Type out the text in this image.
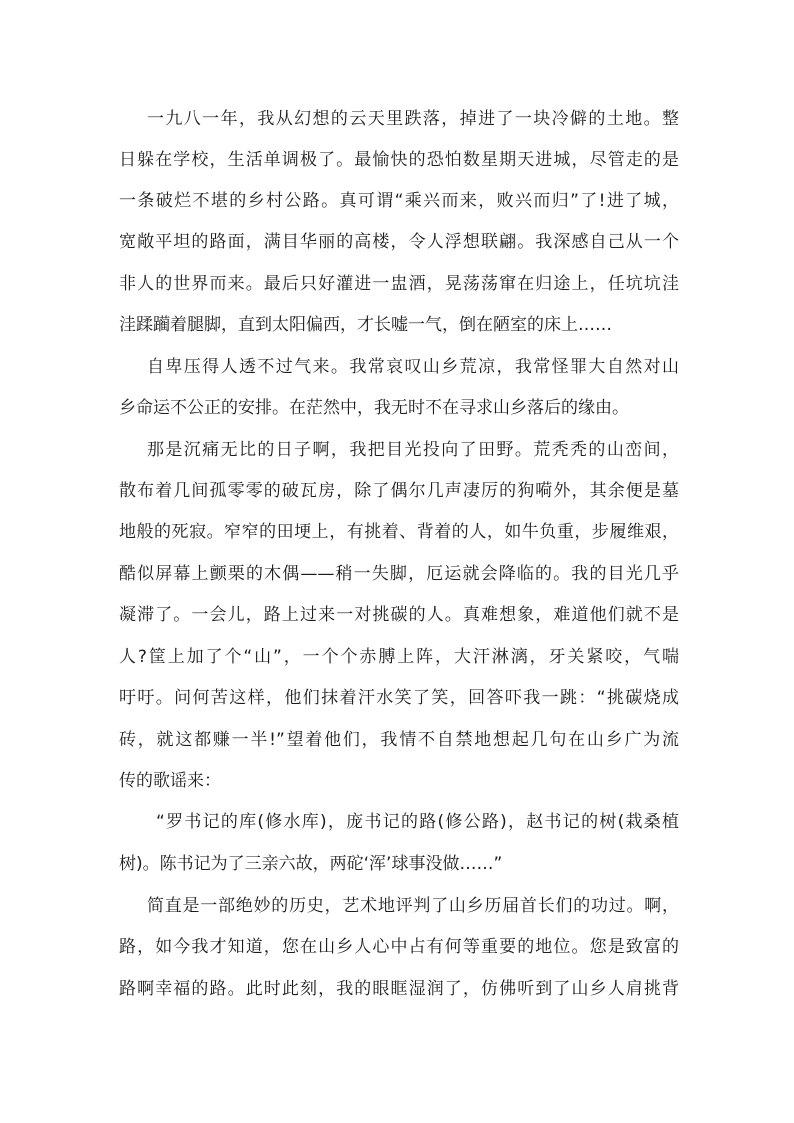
一九八一年，我从幻想的云天里跌落，掉进了一块冷僻的土地。整
日躲在学校，生活单调极了。最愉快的恐怕数星期天进城，尽管走的是
一条破烂不堪的乡村公路。真可谓“乘兴而来，败兴而归”了!进了城，
宽敞平坦的路面，满目华丽的高楼，令人浮想联翩。我深感自己从一个
非人的世界而来。最后只好灌进一盅酒，晃荡荡窜在归途上，任坑坑洼
洼蹂躏着腿脚，直到太阳偏西，才长嘘一气，倒在陋室的床上……
自卑压得人透不过气来。我常哀叹山乡荒凉，我常怪罪大自然对山
乡命运不公正的安排。在茫然中，我无时不在寻求山乡落后的缘由。
那是沉痛无比的日子啊，我把目光投向了田野。荒秃秃的山峦间，
散布着几间孤零零的破瓦房，除了偶尔几声凄厉的狗嗬外，其余便是墓
地般的死寂。窄窄的田埂上，有挑着、背着的人，如牛负重，步履维艰，
酷似屏幕上颤栗的木偶——稍一失脚，厄运就会降临的。我的目光几乎
凝滞了。一会儿，路上过来一对挑碳的人。真难想象，难道他们就不是
人?筐上加了个“山”，一个个赤膊上阵，大汗淋漓，牙关紧咬，气喘
吁吁。问何苦这样，他们抹着汗水笑了笑，回答吓我一跳：“挑碳烧成
砖，就这都赚一半!”望着他们，我情不自禁地想起几句在山乡广为流
传的歌谣来：
“罗书记的库(修水库)，庞书记的路(修公路)，赵书记的树(栽桑植
树)。陈书记为了三亲六故，两砣‘浑’球事没做……”
简直是一部绝妙的历史，艺术地评判了山乡历届首长们的功过。啊，
路，如今我才知道，您在山乡人心中占有何等重要的地位。您是致富的
路啊幸福的路。此时此刻，我的眼眶湿润了，仿佛听到了山乡人肩挑背
